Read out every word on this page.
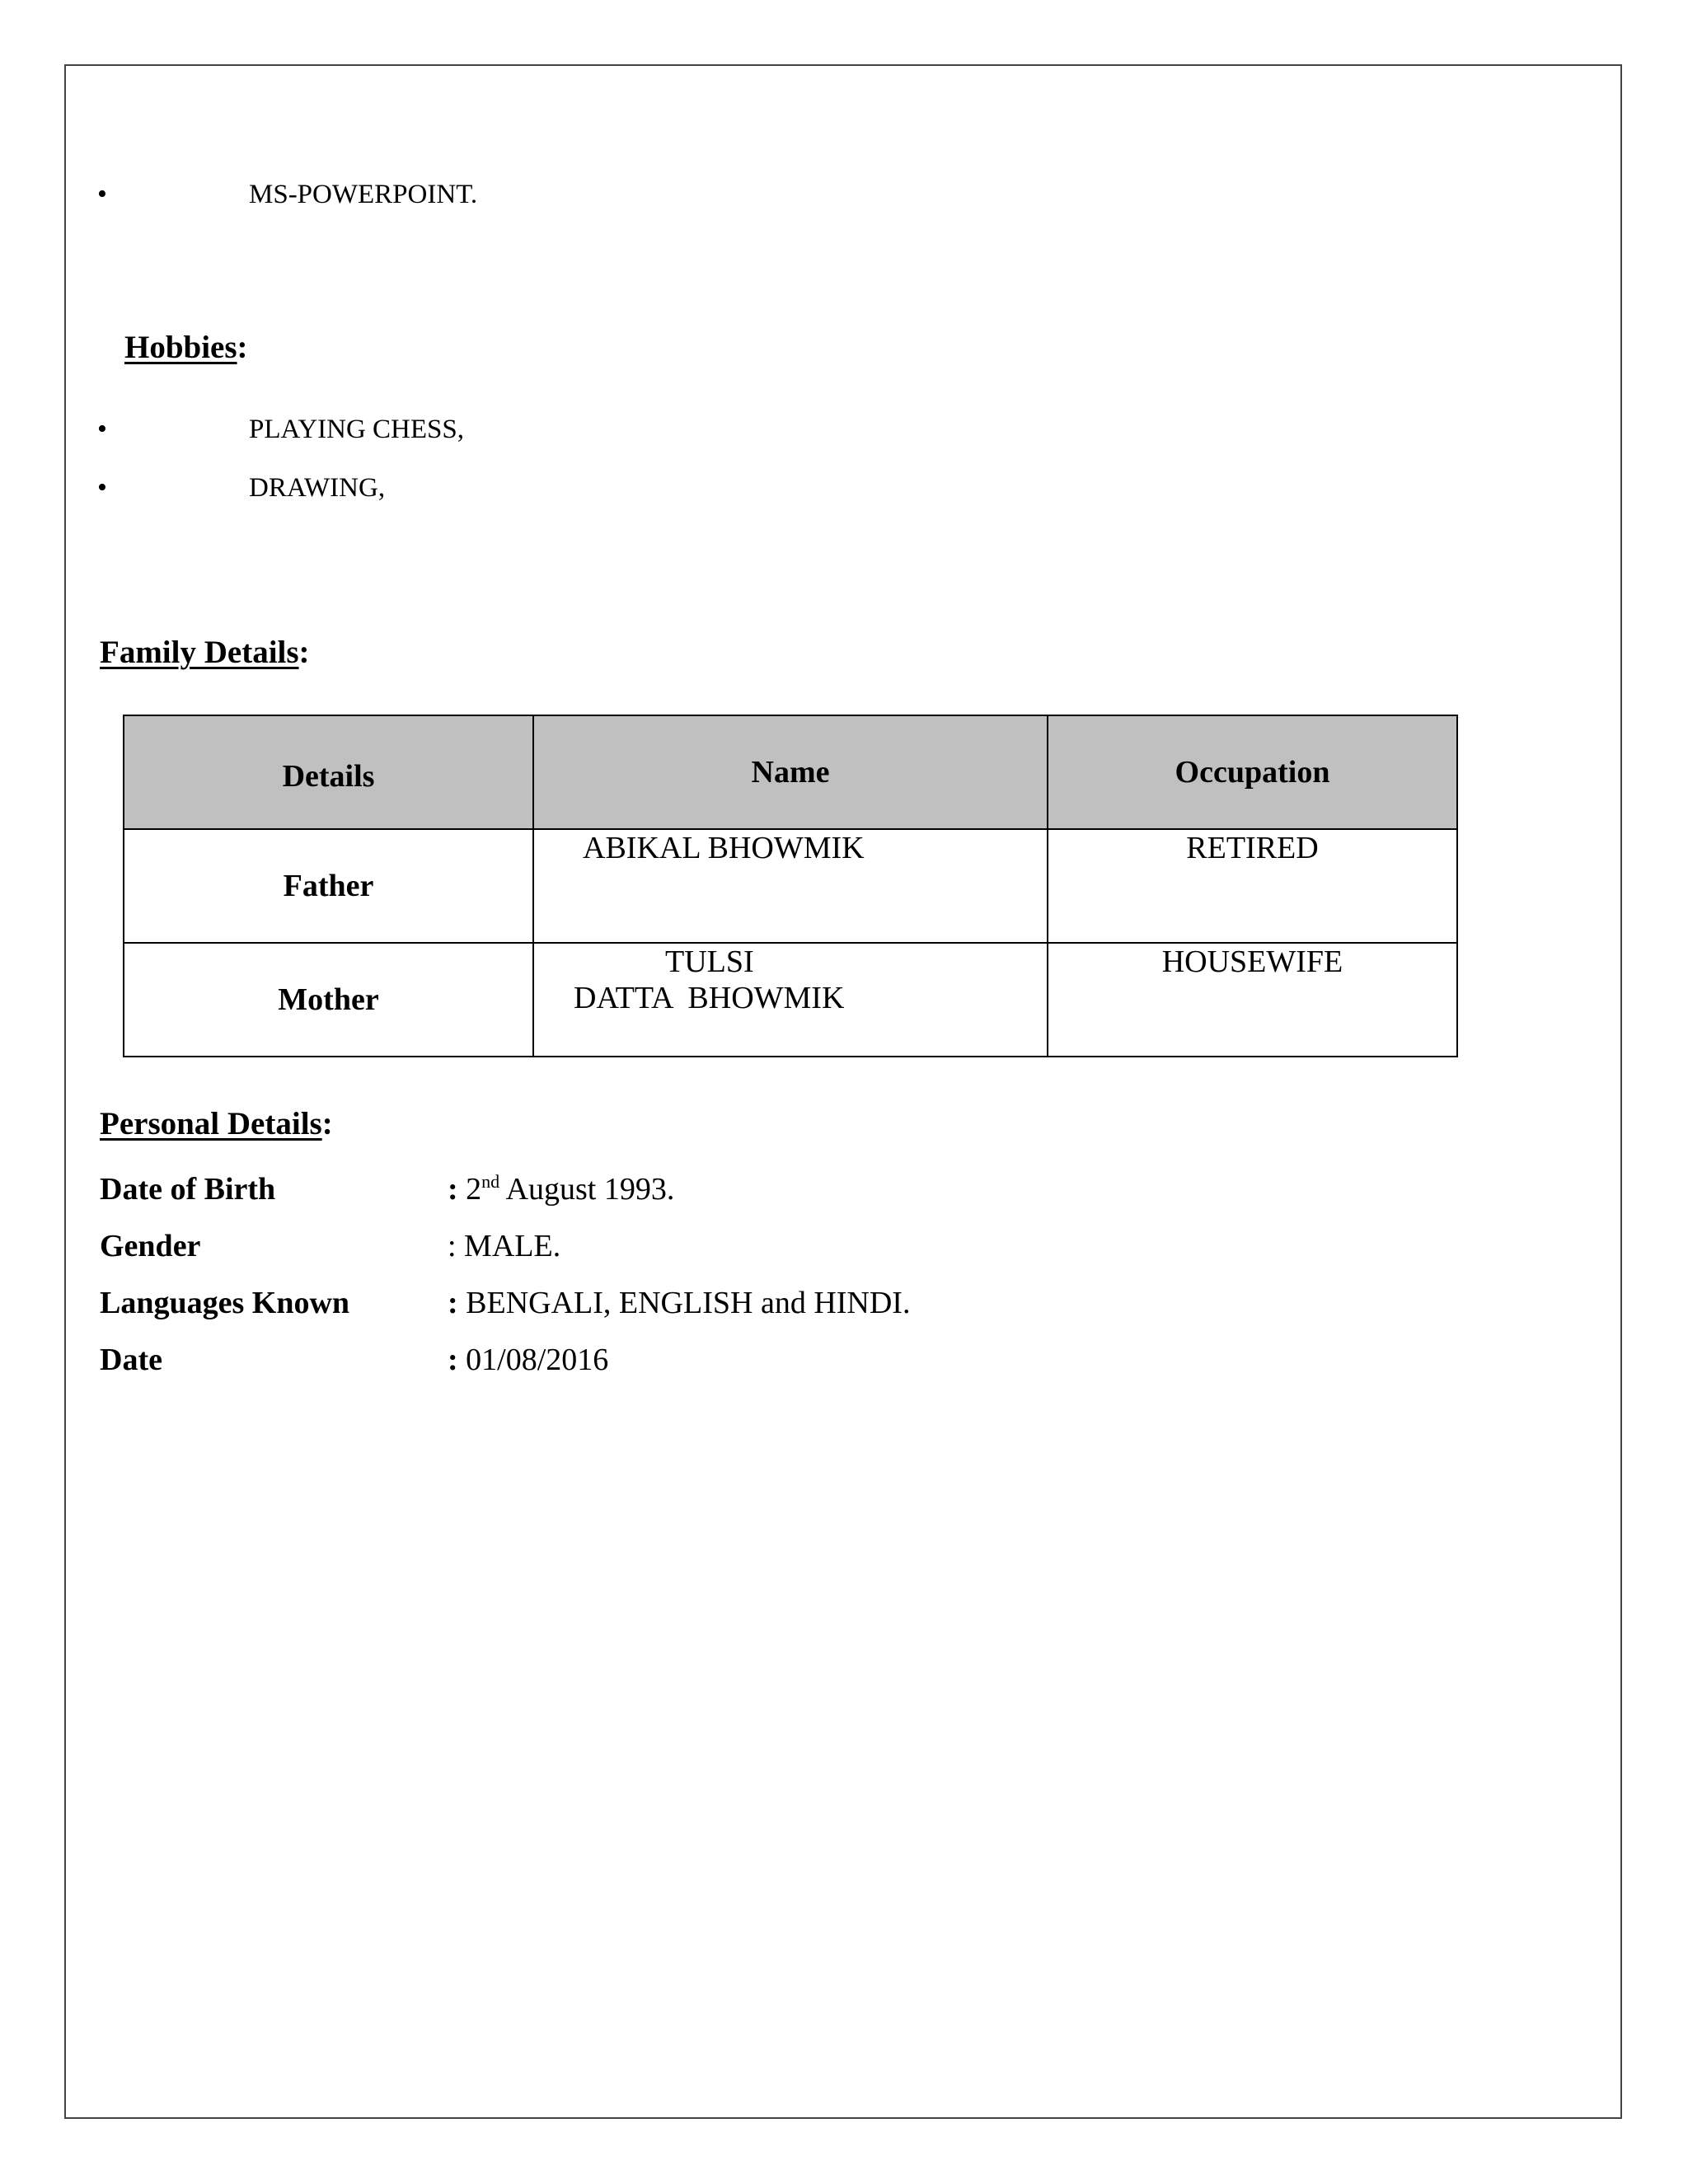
•	MS-POWERPOINT.
Hobbies:
•	PLAYING CHESS,
•	DRAWING,
Family Details:
Details	Name	Occupation

Father	ABIKAL BHOWMIK	RETIRED

Mother	TULSI
DATTA  BHOWMIK	HOUSEWIFE
Personal Details:
Date of Birth	: 2nd August 1993.
Gender	: MALE.
Languages Known	: BENGALI, ENGLISH and HINDI.
Date	: 01/08/2016
